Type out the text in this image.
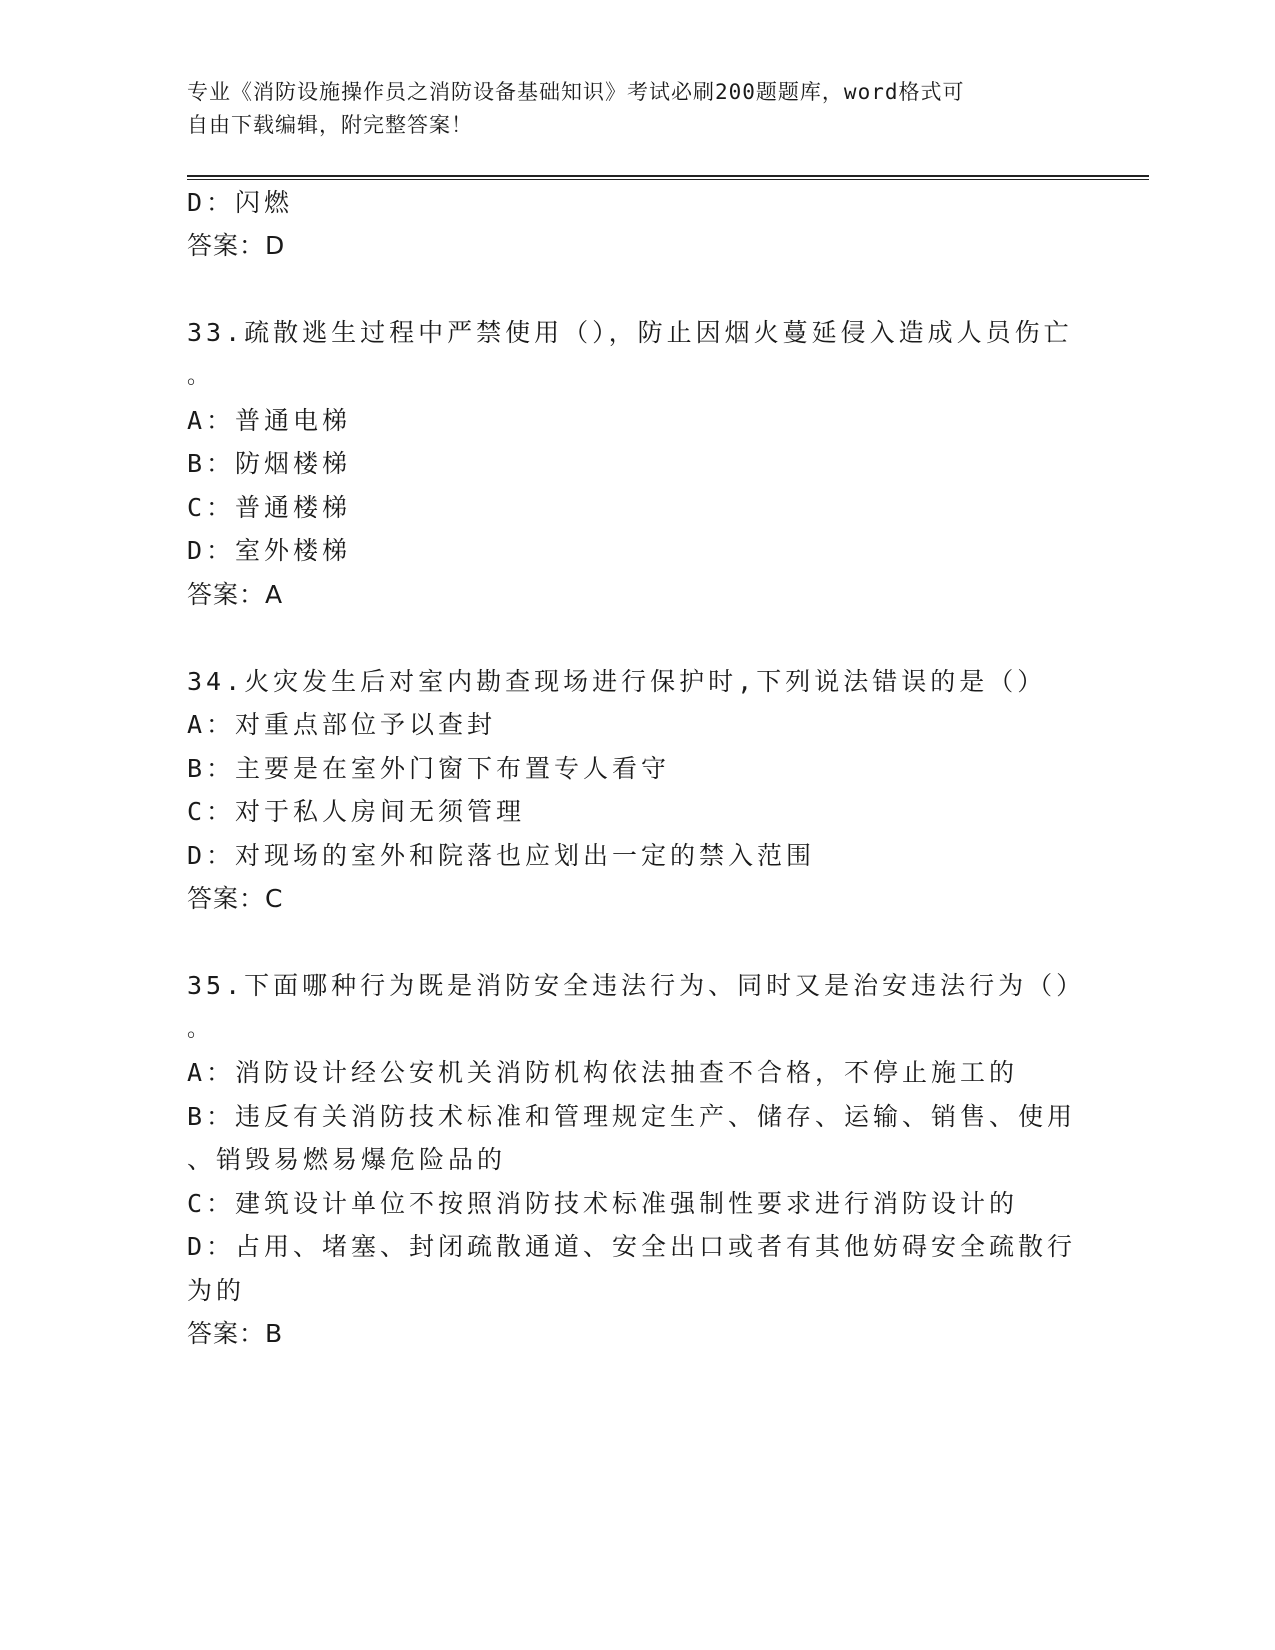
专业《消防设施操作员之消防设备基础知识》考试必刷200题题库，word格式可
自由下载编辑，附完整答案！
D：闪燃
答案：D
33.疏散逃生过程中严禁使用（），防止因烟火蔓延侵入造成人员伤亡
。
A：普通电梯
B：防烟楼梯
C：普通楼梯
D：室外楼梯
答案：A
34.火灾发生后对室内勘查现场进行保护时,下列说法错误的是（）
A：对重点部位予以查封
B：主要是在室外门窗下布置专人看守
C：对于私人房间无须管理
D：对现场的室外和院落也应划出一定的禁入范围
答案：C
35.下面哪种行为既是消防安全违法行为、同时又是治安违法行为（）
。
A：消防设计经公安机关消防机构依法抽查不合格，不停止施工的
B：违反有关消防技术标准和管理规定生产、储存、运输、销售、使用
、销毁易燃易爆危险品的
C：建筑设计单位不按照消防技术标准强制性要求进行消防设计的
D：占用、堵塞、封闭疏散通道、安全出口或者有其他妨碍安全疏散行
为的
答案：B
